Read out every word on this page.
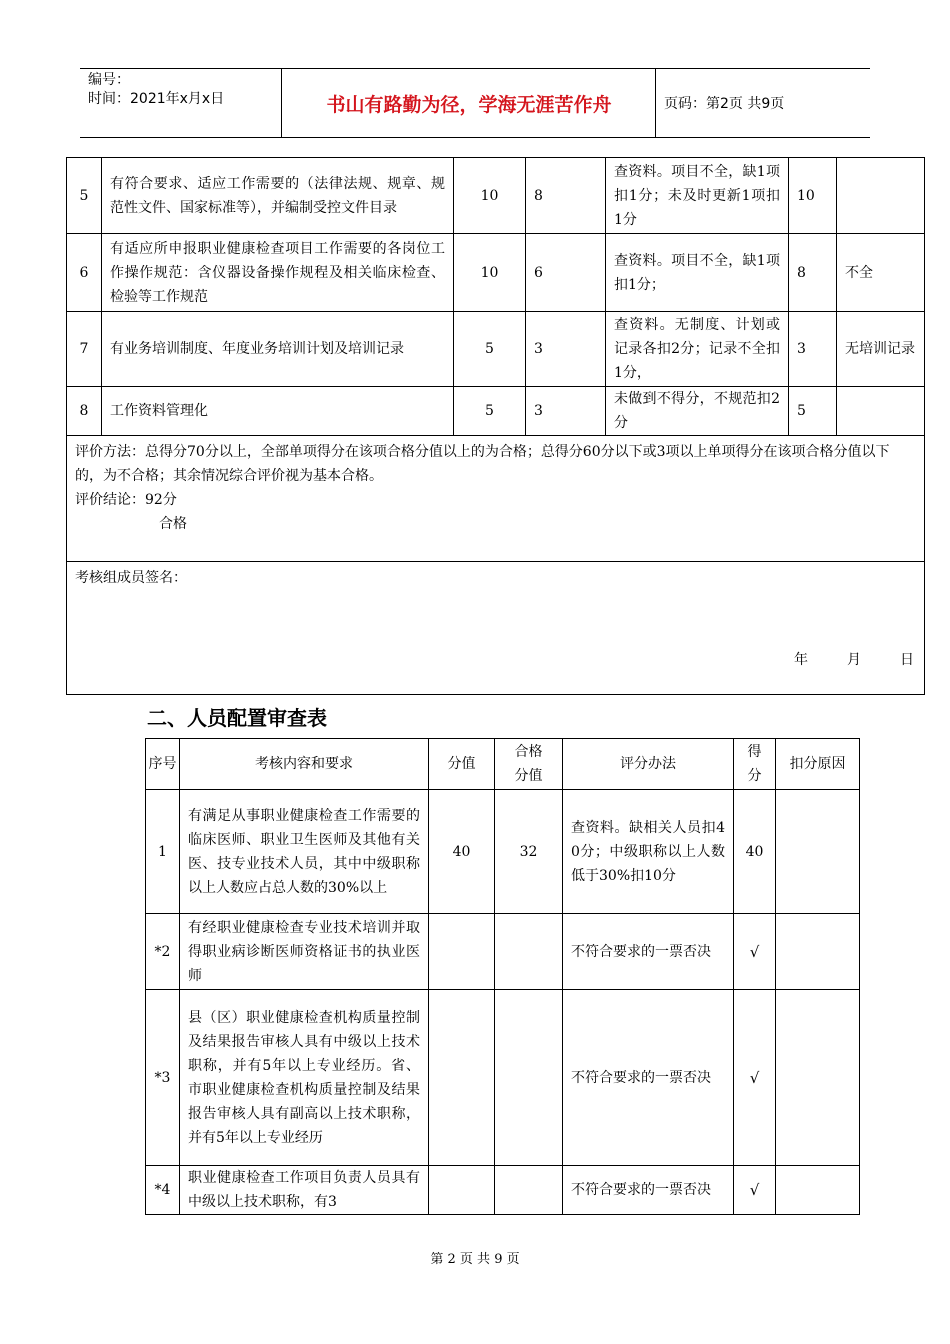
编号：
时间：2021年x月x日	书山有路勤为径，学海无涯苦作舟	页码：第2页 共9页
5	有符合要求、适应工作需要的（法律法规、规章、规范性文件、国家标准等），并编制受控文件目录	10	8	查资料。项目不全，缺1项扣1分；未及时更新1项扣1分	10	
6	有适应所申报职业健康检查项目工作需要的各岗位工作操作规范：含仪器设备操作规程及相关临床检查、检验等工作规范	10	6	查资料。项目不全，缺1项扣1分；	8	不全
7	有业务培训制度、年度业务培训计划及培训记录	5	3	查资料。无制度、计划或记录各扣2分；记录不全扣1分，	3	无培训记录
8	工作资料管理化	5	3	未做到不得分，不规范扣2分	5	

评价方法：总得分70分以上，全部单项得分在该项合格分值以上的为合格；总得分60分以下或3项以上单项得分在该项合格分值以下的，为不合格；其余情况综合评价视为基本合格。
评价结论：92分
合格						

考核组成员签名：
年 月 日						
二、人员配置审查表
序号	考核内容和要求	分值	合格分值	评分办法	得分	扣分原因
1	有满足从事职业健康检查工作需要的临床医师、职业卫生医师及其他有关医、技专业技术人员，其中中级职称以上人数应占总人数的30%以上	40	32	查资料。缺相关人员扣40分；中级职称以上人数低于30%扣10分	40	
*2	有经职业健康检查专业技术培训并取得职业病诊断医师资格证书的执业医师			不符合要求的一票否决	√	
*3	县（区）职业健康检查机构质量控制及结果报告审核人具有中级以上技术职称，并有5年以上专业经历。省、市职业健康检查机构质量控制及结果报告审核人具有副高以上技术职称，并有5年以上专业经历			不符合要求的一票否决	√	
*4	职业健康检查工作项目负责人员具有中级以上技术职称，有3			不符合要求的一票否决	√	
第 2 页 共 9 页
